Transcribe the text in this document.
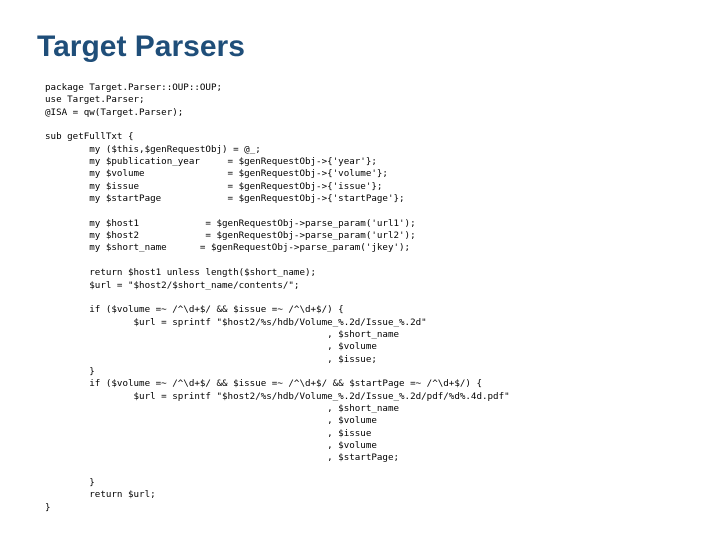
Target Parsers
package Target.Parser::OUP::OUP;
use Target.Parser;
@ISA = qw(Target.Parser);
sub getFullTxt {
my ($this,$genRequestObj) = @_;
my $publication_year     = $genRequestObj->{'year'};
my $volume               = $genRequestObj->{'volume'};
my $issue                = $genRequestObj->{'issue'};
my $startPage            = $genRequestObj->{'startPage'};
my $host1            = $genRequestObj->parse_param('url1');
my $host2            = $genRequestObj->parse_param('url2');
my $short_name      = $genRequestObj->parse_param('jkey');
return $host1 unless length($short_name);
$url = "$host2/$short_name/contents/";
if ($volume =~ /^\d+$/ && $issue =~ /^\d+$/) {
$url = sprintf "$host2/%s/hdb/Volume_%.2d/Issue_%.2d"
, $short_name
, $volume
, $issue;
}
if ($volume =~ /^\d+$/ && $issue =~ /^\d+$/ && $startPage =~ /^\d+$/) {
$url = sprintf "$host2/%s/hdb/Volume_%.2d/Issue_%.2d/pdf/%d%.4d.pdf"
, $short_name
, $volume
, $issue
, $volume
, $startPage;
}
return $url;
}
